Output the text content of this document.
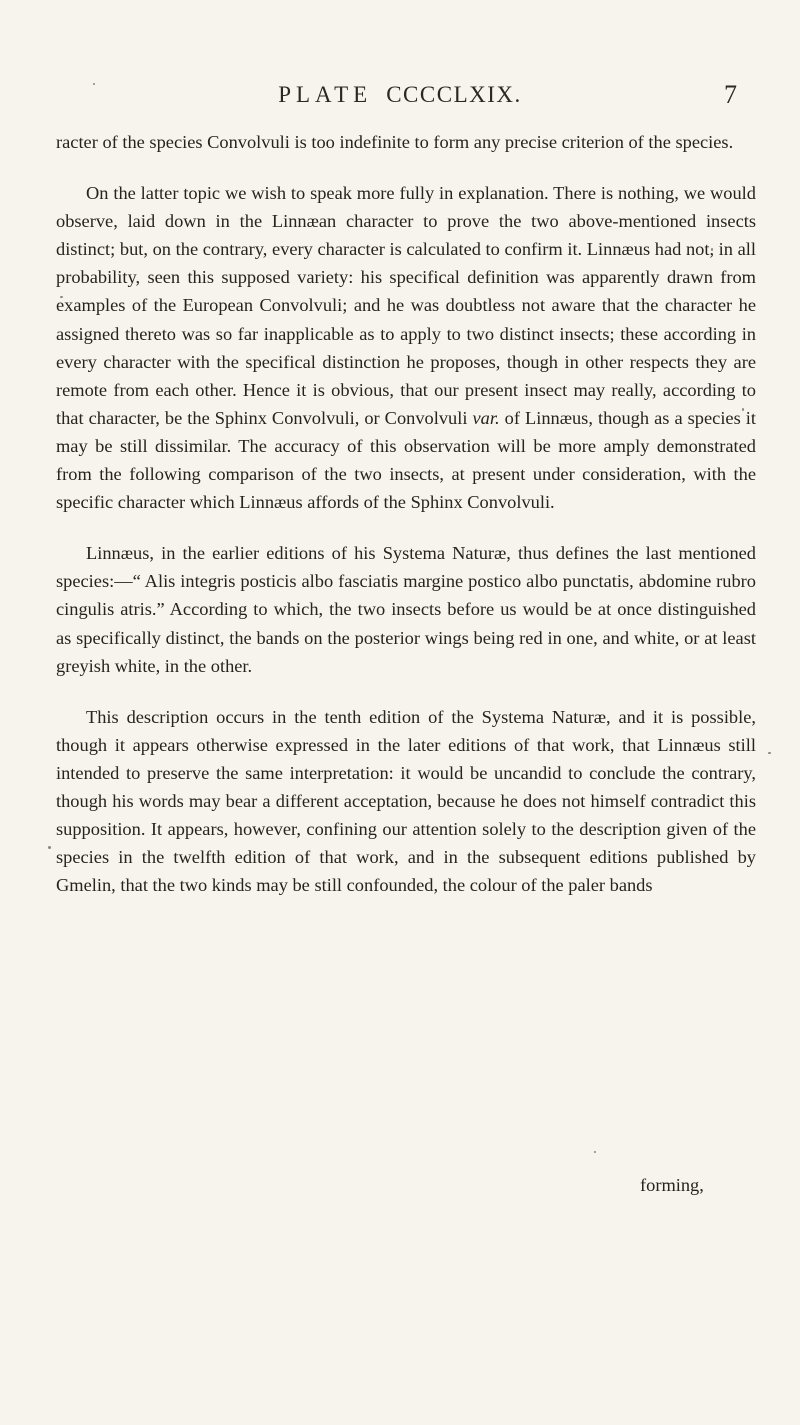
PLATE CCCCLXIX.	7

racter of the species Convolvuli is too indefinite to form any precise criterion of the species.

On the latter topic we wish to speak more fully in explanation. There is nothing, we would observe, laid down in the Linnæan character to prove the two above-mentioned insects distinct; but, on the contrary, every character is calculated to confirm it. Linnæus had not, in all probability, seen this supposed variety: his specifical definition was apparently drawn from examples of the European Convolvuli; and he was doubtless not aware that the character he assigned thereto was so far inapplicable as to apply to two distinct insects; these according in every character with the specifical distinction he proposes, though in other respects they are remote from each other. Hence it is obvious, that our present insect may really, according to that character, be the Sphinx Convolvuli, or Convolvuli var. of Linnæus, though as a species it may be still dissimilar. The accuracy of this observation will be more amply demonstrated from the following comparison of the two insects, at present under consideration, with the specific character which Linnæus affords of the Sphinx Convolvuli.

Linnæus, in the earlier editions of his Systema Naturæ, thus defines the last mentioned species:—“ Alis integris posticis albo fasciatis margine postico albo punctatis, abdomine rubro cingulis atris.” According to which, the two insects before us would be at once distinguished as specifically distinct, the bands on the posterior wings being red in one, and white, or at least greyish white, in the other.

This description occurs in the tenth edition of the Systema Naturæ, and it is possible, though it appears otherwise expressed in the later editions of that work, that Linnæus still intended to preserve the same interpretation: it would be uncandid to conclude the contrary, though his words may bear a different acceptation, because he does not himself contradict this supposition. It appears, however, confining our attention solely to the description given of the species in the twelfth edition of that work, and in the subsequent editions published by Gmelin, that the two kinds may be still confounded, the colour of the paler bands

forming,
